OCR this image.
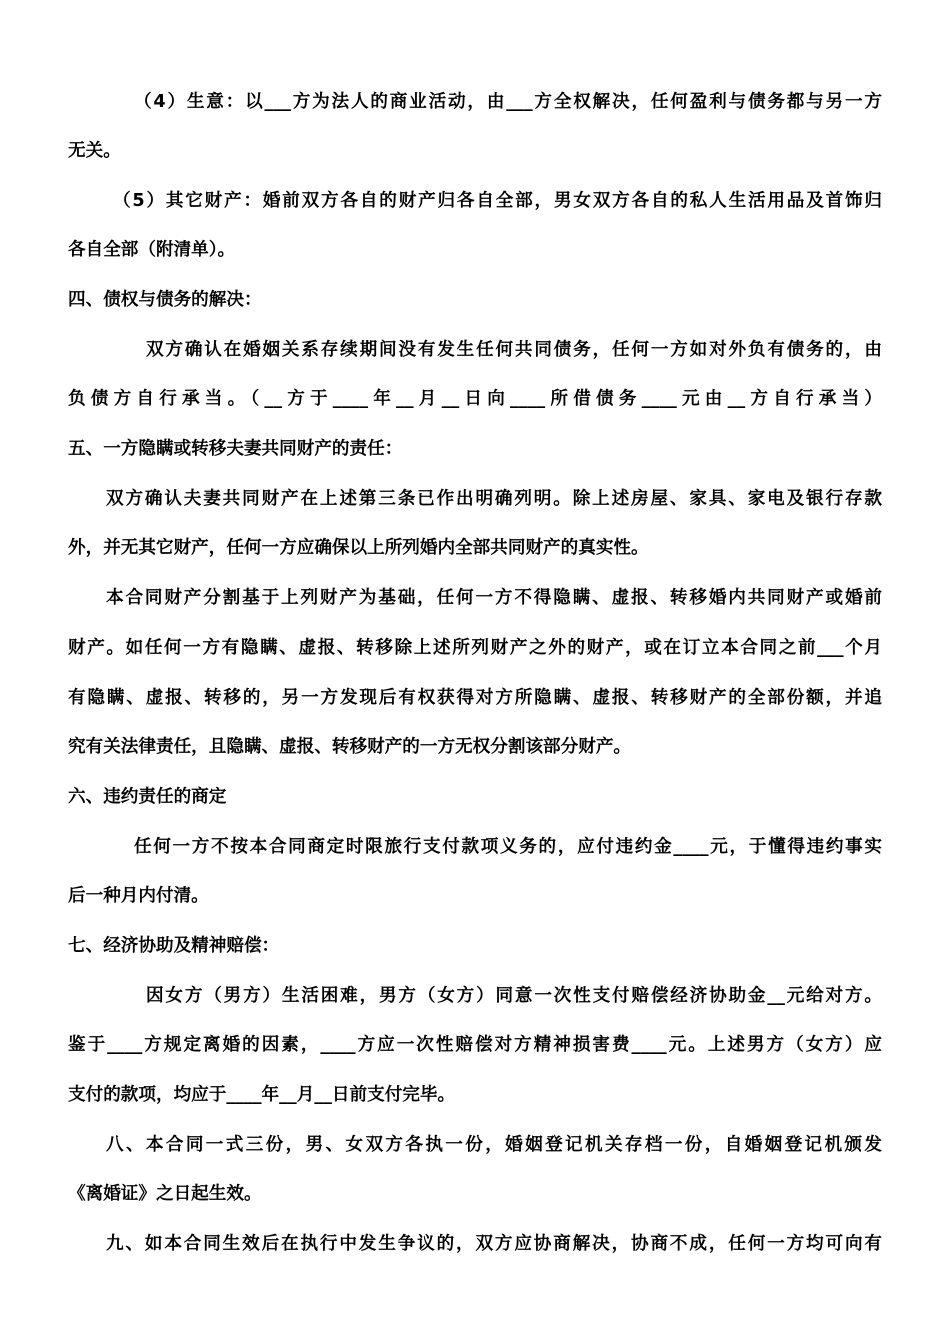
（4）生意：以___方为法人的商业活动，由___方全权解决，任何盈利与债务都与另一方
无关。
（5）其它财产：婚前双方各自的财产归各自全部，男女双方各自的私人生活用品及首饰归
各自全部（附清单）。
四、债权与债务的解决：
双方确认在婚姻关系存续期间没有发生任何共同债务，任何一方如对外负有债务的，由
负债方自行承当。（__方于____年__月__日向____所借债务____元由__方自行承当）
五、一方隐瞒或转移夫妻共同财产的责任：
双方确认夫妻共同财产在上述第三条已作出明确列明。除上述房屋、家具、家电及银行存款
外，并无其它财产，任何一方应确保以上所列婚内全部共同财产的真实性。
本合同财产分割基于上列财产为基础，任何一方不得隐瞒、虚报、转移婚内共同财产或婚前
财产。如任何一方有隐瞒、虚报、转移除上述所列财产之外的财产，或在订立本合同之前___个月
有隐瞒、虚报、转移的，另一方发现后有权获得对方所隐瞒、虚报、转移财产的全部份额，并追
究有关法律责任，且隐瞒、虚报、转移财产的一方无权分割该部分财产。
六、违约责任的商定
任何一方不按本合同商定时限旅行支付款项义务的，应付违约金____元，于懂得违约事实
后一种月内付清。
七、经济协助及精神赔偿：
因女方（男方）生活困难，男方（女方）同意一次性支付赔偿经济协助金__元给对方。
鉴于____方规定离婚的因素，____方应一次性赔偿对方精神损害费____元。上述男方（女方）应
支付的款项，均应于____年__月__日前支付完毕。
八、本合同一式三份，男、女双方各执一份，婚姻登记机关存档一份，自婚姻登记机颁发
《离婚证》之日起生效。
九、如本合同生效后在执行中发生争议的，双方应协商解决，协商不成，任何一方均可向有
